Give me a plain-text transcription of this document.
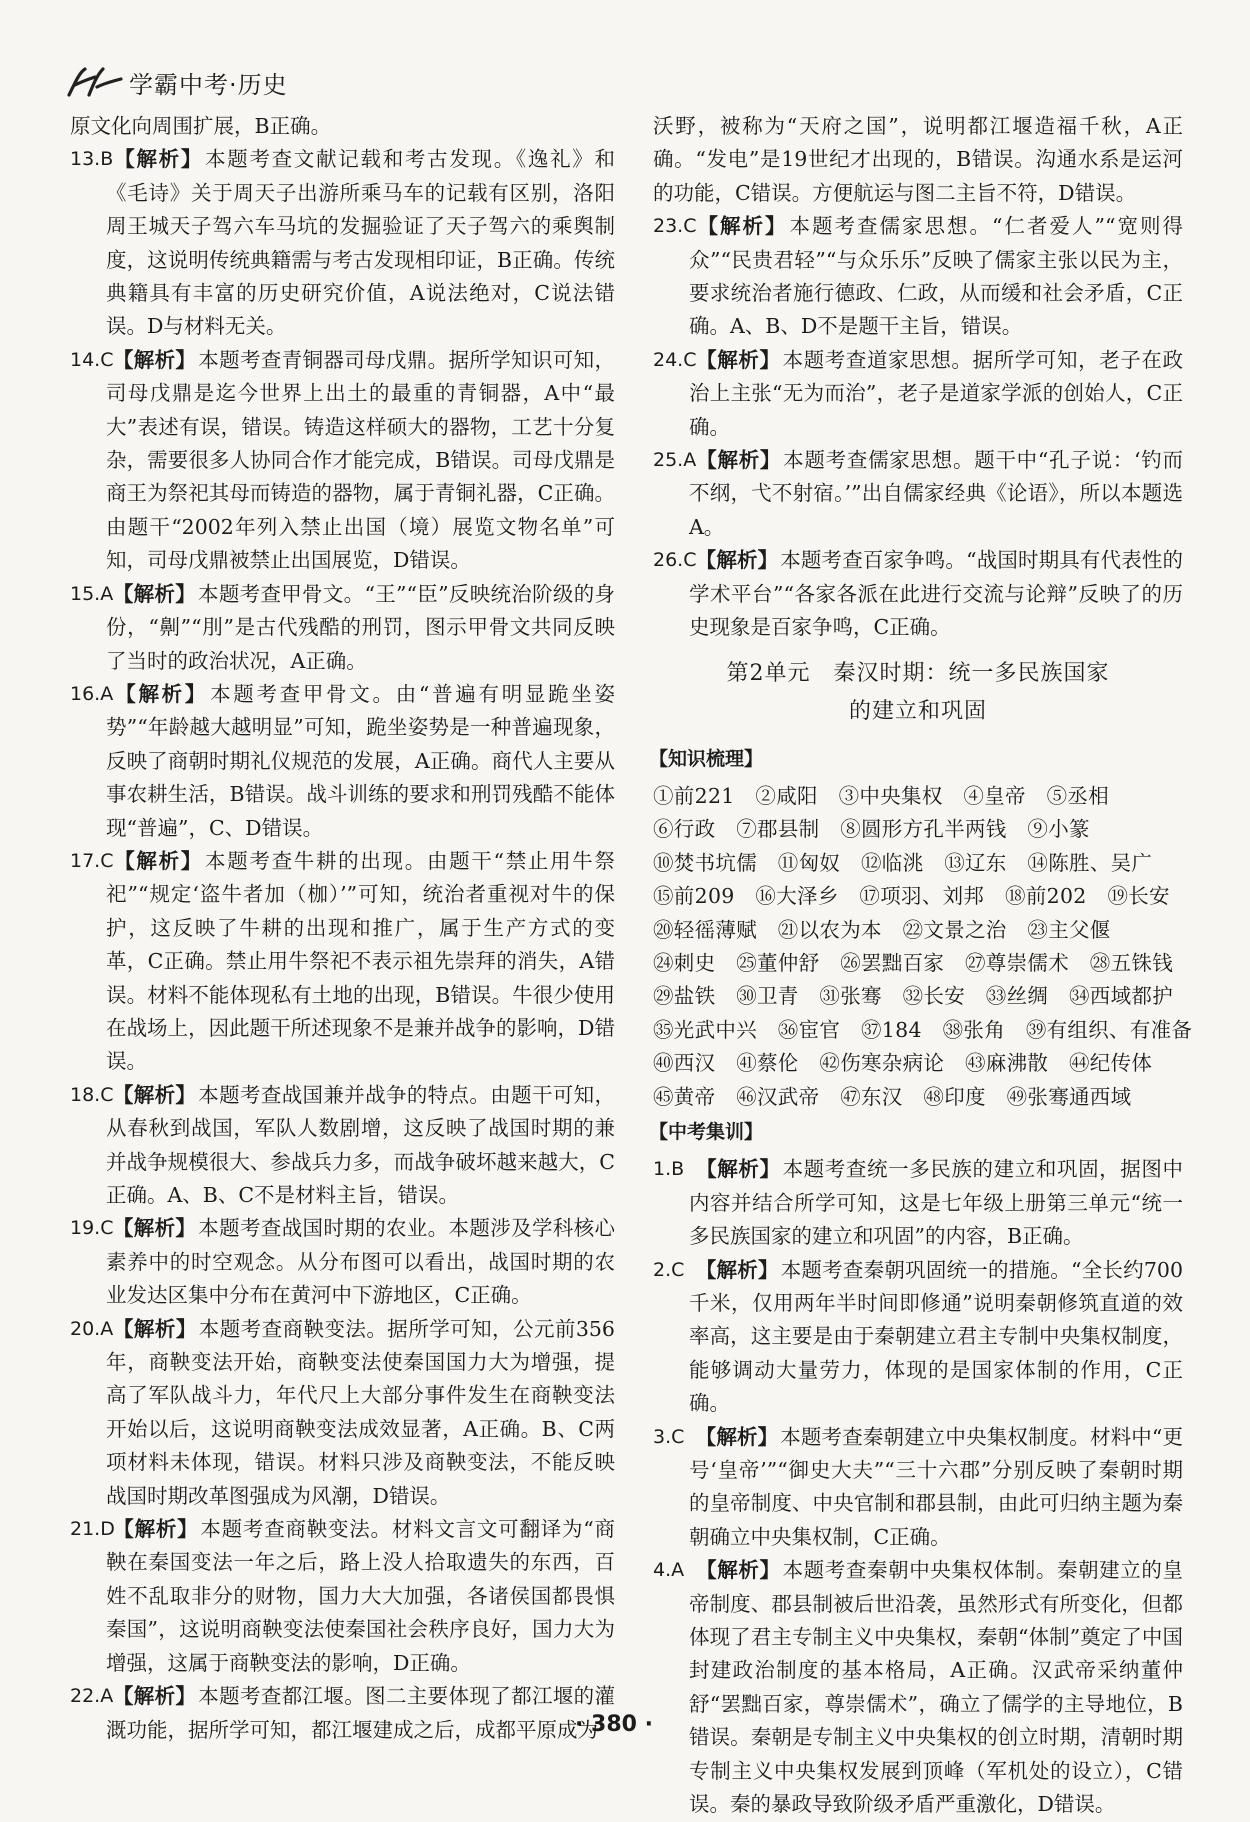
学霸中考·历史

原文化向周围扩展，B正确。

13.B 【解析】本题考查文献记载和考古发现。《逸礼》和《毛诗》关于周天子出游所乘马车的记载有区别，洛阳周王城天子驾六车马坑的发掘验证了天子驾六的乘舆制度，这说明传统典籍需与考古发现相印证，B正确。传统典籍具有丰富的历史研究价值，A说法绝对，C说法错误。D与材料无关。

14.C 【解析】本题考查青铜器司母戊鼎。据所学知识可知，司母戊鼎是迄今世界上出土的最重的青铜器，A中“最大”表述有误，错误。铸造这样硕大的器物，工艺十分复杂，需要很多人协同合作才能完成，B错误。司母戊鼎是商王为祭祀其母而铸造的器物，属于青铜礼器，C正确。由题干“2002年列入禁止出国（境）展览文物名单”可知，司母戊鼎被禁止出国展览，D错误。

15.A 【解析】本题考查甲骨文。“王”“臣”反映统治阶级的身份，“劓”“刖”是古代残酷的刑罚，图示甲骨文共同反映了当时的政治状况，A正确。

16.A 【解析】本题考查甲骨文。由“普遍有明显跪坐姿势”“年龄越大越明显”可知，跪坐姿势是一种普遍现象，反映了商朝时期礼仪规范的发展，A正确。商代人主要从事农耕生活，B错误。战斗训练的要求和刑罚残酷不能体现“普遍”，C、D错误。

17.C 【解析】本题考查牛耕的出现。由题干“禁止用牛祭祀”“规定‘盗牛者加（枷）’”可知，统治者重视对牛的保护，这反映了牛耕的出现和推广，属于生产方式的变革，C正确。禁止用牛祭祀不表示祖先崇拜的消失，A错误。材料不能体现私有土地的出现，B错误。牛很少使用在战场上，因此题干所述现象不是兼并战争的影响，D错误。

18.C 【解析】本题考查战国兼并战争的特点。由题干可知，从春秋到战国，军队人数剧增，这反映了战国时期的兼并战争规模很大、参战兵力多，而战争破坏越来越大，C正确。A、B、C不是材料主旨，错误。

19.C 【解析】本题考查战国时期的农业。本题涉及学科核心素养中的时空观念。从分布图可以看出，战国时期的农业发达区集中分布在黄河中下游地区，C正确。

20.A 【解析】本题考查商鞅变法。据所学可知，公元前356年，商鞅变法开始，商鞅变法使秦国国力大为增强，提高了军队战斗力，年代尺上大部分事件发生在商鞅变法开始以后，这说明商鞅变法成效显著，A正确。B、C两项材料未体现，错误。材料只涉及商鞅变法，不能反映战国时期改革图强成为风潮，D错误。

21.D
【解析】本题考查商鞅变法。材料文言文可翻译为“商鞅在秦国变法一年之后，路上没人拾取遗失的东西，百姓不乱取非分的财物，国力大大加强，各诸侯国都畏惧秦国”，这说明商鞅变法使秦国社会秩序良好，国力大为增强，这属于商鞅变法的影响，D正确。

22.A 【解析】本题考查都江堰。图二主要体现了都江堰的灌溉功能，据所学可知，都江堰建成之后，成都平原成为

沃野，被称为“天府之国”，说明都江堰造福千秋，A正确。“发电”是19世纪才出现的，B错误。沟通水系是运河的功能，C错误。方便航运与图二主旨不符，D错误。

23.C 【解析】本题考查儒家思想。“仁者爱人”“宽则得众”“民贵君轻”“与众乐乐”反映了儒家主张以民为主，要求统治者施行德政、仁政，从而缓和社会矛盾，C正确。A、B、D不是题干主旨，错误。

24.C 【解析】本题考查道家思想。据所学可知，老子在政治上主张“无为而治”，老子是道家学派的创始人，C正确。

25.A 【解析】本题考查儒家思想。题干中“孔子说：‘钓而不纲，弋不射宿。’”出自儒家经典《论语》，所以本题选A。

26.C 【解析】本题考查百家争鸣。“战国时期具有代表性的学术平台”“各家各派在此进行交流与论辩”反映了的历史现象是百家争鸣，C正确。

第2单元　秦汉时期：统一多民族国家
的建立和巩固
【知识梳理】
①前221　②咸阳　③中央集权　④皇帝　⑤丞相
⑥行政　⑦郡县制　⑧圆形方孔半两钱　⑨小篆
⑩焚书坑儒　⑪匈奴　⑫临洮　⑬辽东　⑭陈胜、吴广
⑮前209　⑯大泽乡　⑰项羽、刘邦　⑱前202　⑲长安
⑳轻徭薄赋　㉑以农为本　㉒文景之治　㉓主父偃
㉔刺史　㉕董仲舒　㉖罢黜百家　㉗尊崇儒术　㉘五铢钱
㉙盐铁　㉚卫青　㉛张骞　㉜长安　㉝丝绸　㉞西域都护
㉟光武中兴　㊱宦官　㊲184　㊳张角　㊴有组织、有准备
㊵西汉　㊶蔡伦　㊷伤寒杂病论　㊸麻沸散　㊹纪传体
㊺黄帝　㊻汉武帝　㊼东汉　㊽印度　㊾张骞通西域
【中考集训】

1.B 【解析】本题考查统一多民族的建立和巩固，据图中内容并结合所学可知，这是七年级上册第三单元“统一多民族国家的建立和巩固”的内容，B正确。

2.C 【解析】本题考查秦朝巩固统一的措施。“全长约700千米，仅用两年半时间即修通”说明秦朝修筑直道的效率高，这主要是由于秦朝建立君主专制中央集权制度，能够调动大量劳力，体现的是国家体制的作用，C正确。

3.C 【解析】本题考查秦朝建立中央集权制度。材料中“更号‘皇帝’”“御史大夫”“三十六郡”分别反映了秦朝时期的皇帝制度、中央官制和郡县制，由此可归纳主题为秦朝确立中央集权制，C正确。

4.A 【解析】本题考查秦朝中央集权体制。秦朝建立的皇帝制度、郡县制被后世沿袭，虽然形式有所变化，但都体现了君主专制主义中央集权，秦朝“体制”奠定了中国封建政治制度的基本格局，A正确。汉武帝采纳董仲舒“罢黜百家，尊崇儒术”，确立了儒学的主导地位，B错误。秦朝是专制主义中央集权的创立时期，清朝时期专制主义中央集权发展到顶峰（军机处的设立），C错误。秦的暴政导致阶级矛盾严重激化，D错误。

· 380 ·
